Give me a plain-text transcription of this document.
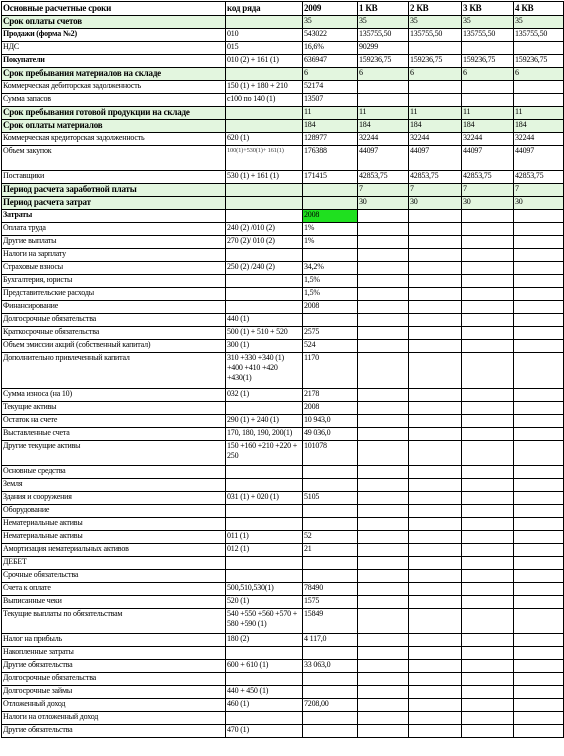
Основные расчетные сроки	код ряда	2009	1 КВ	2 КВ	3 КВ	4 КВ
Срок оплаты счетов		35	35	35	35	35
Продажи (форма №2)	010	543022	135755,50	135755,50	135755,50	135755,50
НДС	015	16,6%	90299			
Покупатели	010 (2) + 161 (1)	636947	159236,75	159236,75	159236,75	159236,75
Срок пребывания материалов на складе		6	6	6	6	6
Коммерческая дебиторская задолженность	150 (1) + 180 + 210	52174				
Сумма запасов	с100 по 140 (1)	13507				
Срок пребывания готовой продукции на складе		11	11	11	11	11
Срок оплаты материалов		184	184	184	184	184
Коммерческая кредиторская задолженность	620 (1)	128977	32244	32244	32244	32244
Объем закупок	100(1)+530(1)+ 161(1)	176388	44097	44097	44097	44097
Поставщики	530 (1) + 161 (1)	171415	42853,75	42853,75	42853,75	42853,75
Период расчета заработной платы			7	7	7	7
Период расчета затрат			30	30	30	30
Затраты		2008				
Оплата труда	240 (2) /010 (2)	1%				
Другие выплаты	270 (2)/ 010 (2)	1%				
Налоги на зарплату						
Страховые взносы	250 (2) /240 (2)	34,2%				
Бухгалтерия, юристы		1,5%				
Представительские расходы		1,5%				
Финансирование		2008				
Долгосрочные обязательства	440 (1)					
Краткосрочные обязательства	500 (1) + 510 + 520	2575				
Объем эмиссии акций (собственный капитал)	300 (1)	524				
Дополнительно привлеченный капитал	310 +330 +340 (1) +400 +410 +420 +430(1)	1170				
Сумма износа (на 10)	032 (1)	2178				
Текущие активы		2008				
Остаток на счете	290 (1) + 240 (1)	10 943,0				
Выставленные счета	170, 180, 190, 200(1)	49 036,0				
Другие текущие активы	150 +160 +210 +220 + 250	101078				
Основные средства						
Земля						
Здания и сооружения	031 (1) + 020 (1)	5105				
Оборудование						
Нематериальные активы						
Нематериальные активы	011 (1)	52				
Амортизация нематериальных активов	012 (1)	21				
ДЕБЕТ						
Срочные обязательства						
Счета к оплате	500,510,530(1)	78490				
Выписанные чеки	520 (1)	1575				
Текущие выплаты по обязательствам	540 +550 +560 +570 + 580 +590 (1)	15849				
Налог на прибыль	180 (2)	4 117,0				
Накопленные затраты						
Другие обязательства	600 + 610 (1)	33 063,0				
Долгосрочные обязательства						
Долгосрочные займы	440 + 450 (1)					
Отложенный доход	460 (1)	7208,00				
Налоги на отложенный доход						
Другие обязательства	470 (1)					
